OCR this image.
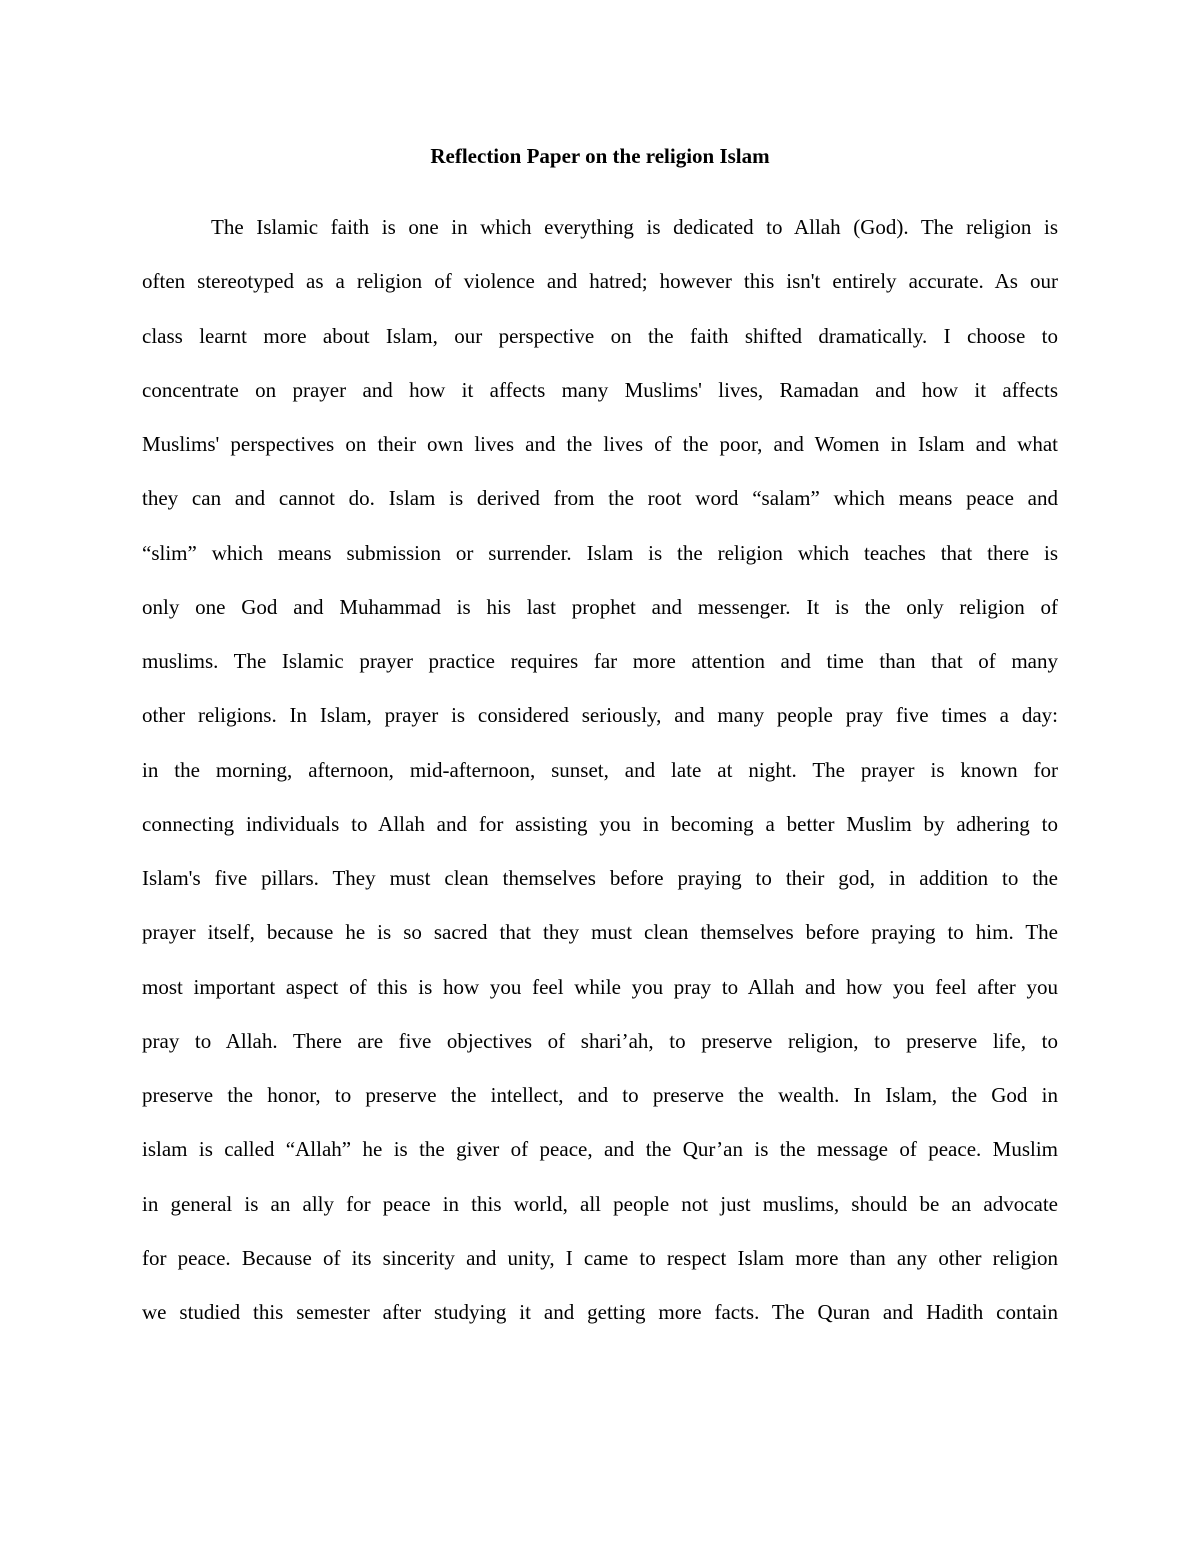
Reflection Paper on the religion Islam
The Islamic faith is one in which everything is dedicated to Allah (God). The religion is
often stereotyped as a religion of violence and hatred; however this isn't entirely accurate. As our
class learnt more about Islam, our perspective on the faith shifted dramatically. I choose to
concentrate on prayer and how it affects many Muslims' lives, Ramadan and how it affects
Muslims' perspectives on their own lives and the lives of the poor, and Women in Islam and what
they can and cannot do. Islam is derived from the root word “salam” which means peace and
“slim” which means submission or surrender. Islam is the religion which teaches that there is
only one God and Muhammad is his last prophet and messenger. It is the only religion of
muslims. The Islamic prayer practice requires far more attention and time than that of many
other religions. In Islam, prayer is considered seriously, and many people pray five times a day:
in the morning, afternoon, mid-afternoon, sunset, and late at night. The prayer is known for
connecting individuals to Allah and for assisting you in becoming a better Muslim by adhering to
Islam's five pillars. They must clean themselves before praying to their god, in addition to the
prayer itself, because he is so sacred that they must clean themselves before praying to him. The
most important aspect of this is how you feel while you pray to Allah and how you feel after you
pray to Allah. There are five objectives of shari’ah, to preserve religion, to preserve life, to
preserve the honor, to preserve the intellect, and to preserve the wealth. In Islam, the God in
islam is called “Allah” he is the giver of peace, and the Qur’an is the message of peace. Muslim
in general is an ally for peace in this world, all people not just muslims, should be an advocate
for peace. Because of its sincerity and unity, I came to respect Islam more than any other religion
we studied this semester after studying it and getting more facts. The Quran and Hadith contain
